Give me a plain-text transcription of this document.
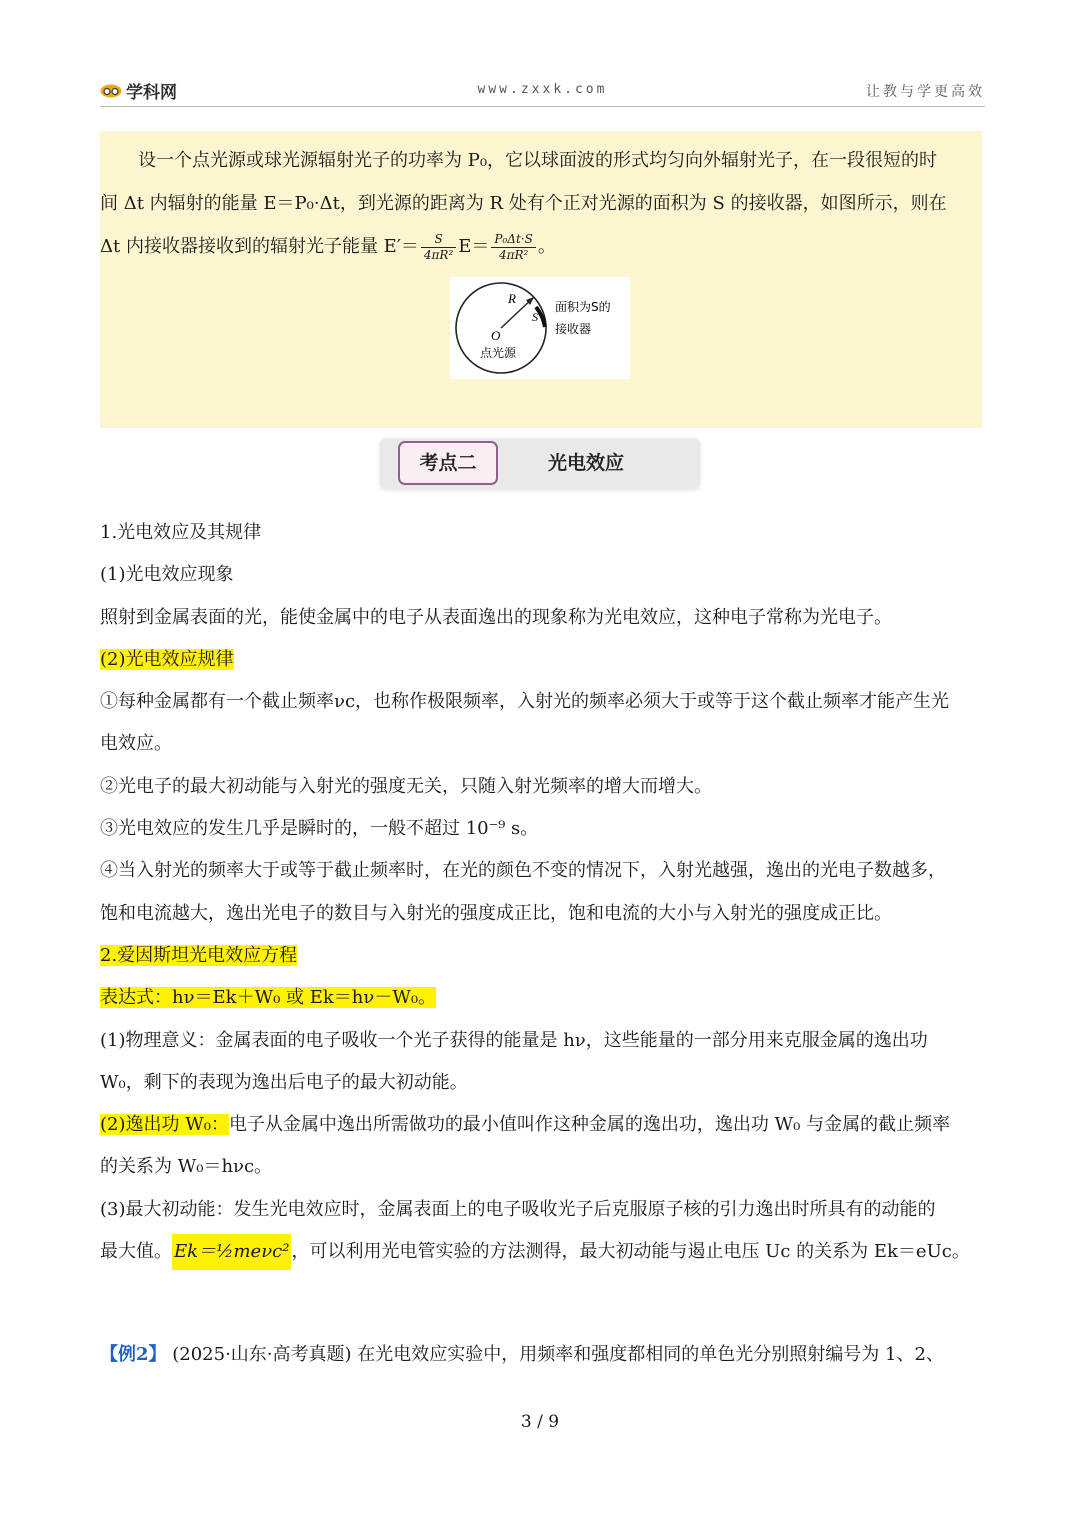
学科网	www.zxxk.com	让教与学更高效

设一个点光源或球光源辐射光子的功率为 P₀，它以球面波的形式均匀向外辐射光子，在一段很短的时

间 Δt 内辐射的能量 E＝P₀·Δt，到光源的距离为 R 处有个正对光源的面积为 S 的接收器，如图所示，则在

Δt 内接收器接收到的辐射光子能量 $E'= \frac{S}{\text{4πR²}} E= \frac{\text{P₀Δt·S}}{\text{4πR²}}$ 。

R
S
O
点光源
面积为S的
接收器
考点二	光电效应

1.光电效应及其规律

(1)光电效应现象

照射到金属表面的光，能使金属中的电子从表面逸出的现象称为光电效应，这种电子常称为光电子。

(2)光电效应规律

①每种金属都有一个截止频率νc，也称作极限频率，入射光的频率必须大于或等于这个截止频率才能产生光

电效应。

②光电子的最大初动能与入射光的强度无关，只随入射光频率的增大而增大。

③光电效应的发生几乎是瞬时的，一般不超过 10⁻⁹ s。

④当入射光的频率大于或等于截止频率时，在光的颜色不变的情况下，入射光越强，逸出的光电子数越多，

饱和电流越大，逸出光电子的数目与入射光的强度成正比，饱和电流的大小与入射光的强度成正比。

2.爱因斯坦光电效应方程

表达式：hν＝Ek＋W₀ 或 Ek＝hν－W₀。

(1)物理意义：金属表面的电子吸收一个光子获得的能量是 hν，这些能量的一部分用来克服金属的逸出功

W₀，剩下的表现为逸出后电子的最大初动能。

(2)逸出功 W₀：电子从金属中逸出所需做功的最小值叫作这种金属的逸出功，逸出功 W₀ 与金属的截止频率

的关系为 W₀＝hνc。

(3)最大初动能：发生光电效应时，金属表面上的电子吸收光子后克服原子核的引力逸出时所具有的动能的

最大值。 Ek＝½meνc² ，可以利用光电管实验的方法测得，最大初动能与遏止电压 Uc 的关系为 Ek＝eUc。

【例2】 (2025·山东·高考真题) 在光电效应实验中，用频率和强度都相同的单色光分别照射编号为 1、2、
3 / 9
